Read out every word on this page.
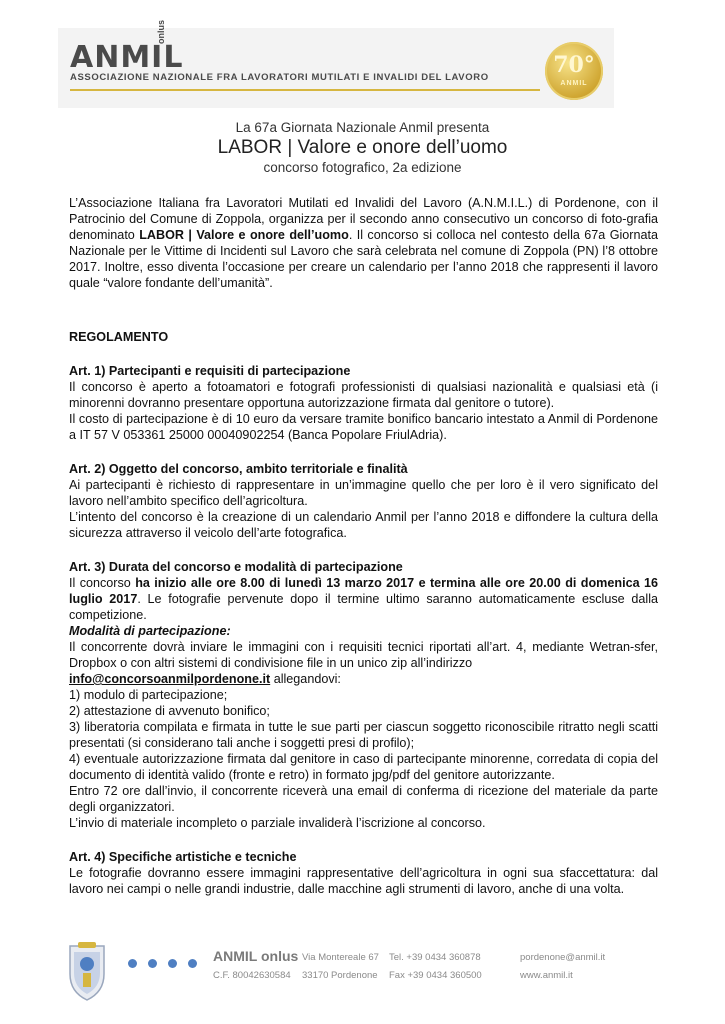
ANMIL
onlus
ASSOCIAZIONE NAZIONALE FRA LAVORATORI MUTILATI E INVALIDI DEL LAVORO	70°
ANMIL
La 67a Giornata Nazionale Anmil presenta
LABOR | Valore e onore dell’uomo
concorso fotografico, 2a edizione

L’Associazione Italiana fra Lavoratori Mutilati ed Invalidi del Lavoro (A.N.M.I.L.) di Pordenone, con il Patrocinio del Comune di Zoppola, organizza per il secondo anno consecutivo un concorso di foto-grafia denominato LABOR | Valore e onore dell’uomo. Il concorso si colloca nel contesto della 67a Giornata Nazionale per le Vittime di Incidenti sul Lavoro che sarà celebrata nel comune di Zoppola (PN) l’8 ottobre 2017. Inoltre, esso diventa l’occasione per creare un calendario per l’anno 2018 che rappresenti il lavoro quale “valore fondante dell’umanità”.

REGOLAMENTO

Art. 1) Partecipanti e requisiti di partecipazione

Il concorso è aperto a fotoamatori e fotografi professionisti di qualsiasi nazionalità e qualsiasi età (i minorenni dovranno presentare opportuna autorizzazione firmata dal genitore o tutore).

Il costo di partecipazione è di 10 euro da versare tramite bonifico bancario intestato a Anmil di Pordenone a IT 57 V 053361 25000 00040902254 (Banca Popolare FriulAdria).

Art. 2) Oggetto del concorso, ambito territoriale e finalità

Ai partecipanti è richiesto di rappresentare in un’immagine quello che per loro è il vero significato del lavoro nell’ambito specifico dell’agricoltura.

L’intento del concorso è la creazione di un calendario Anmil per l’anno 2018 e diffondere la cultura della sicurezza attraverso il veicolo dell’arte fotografica.

Art. 3) Durata del concorso e modalità di partecipazione

Il concorso ha inizio alle ore 8.00 di lunedì 13 marzo 2017 e termina alle ore 20.00 di domenica 16 luglio 2017. Le fotografie pervenute dopo il termine ultimo saranno automaticamente escluse dalla competizione.

Modalità di partecipazione:

Il concorrente dovrà inviare le immagini con i requisiti tecnici riportati all’art. 4, mediante Wetran-sfer, Dropbox o con altri sistemi di condivisione file in un unico zip all’indirizzo

info@concorsoanmilpordenone.it allegandovi:

1) modulo di partecipazione;

2) attestazione di avvenuto bonifico;

3) liberatoria compilata e firmata in tutte le sue parti per ciascun soggetto riconoscibile ritratto negli scatti presentati (si considerano tali anche i soggetti presi di profilo);

4) eventuale autorizzazione firmata dal genitore in caso di partecipante minorenne, corredata di copia del documento di identità valido (fronte e retro) in formato jpg/pdf del genitore autorizzante.

Entro 72 ore dall’invio, il concorrente riceverà una email di conferma di ricezione del materiale da parte degli organizzatori.

L’invio di materiale incompleto o parziale invaliderà l’iscrizione al concorso.

Art. 4) Specifiche artistiche e tecniche

Le fotografie dovranno essere immagini rappresentative dell’agricoltura in ogni sua sfaccettatura: dal lavoro nei campi o nelle grandi industrie, dalle macchine agli strumenti di lavoro, anche di una volta.

ANMIL onlus Via Montereale 67 Tel. +39 0434 360878	pordenone@anmil.it
C.F. 80042630584 33170 Pordenone Fax +39 0434 360500	www.anmil.it
